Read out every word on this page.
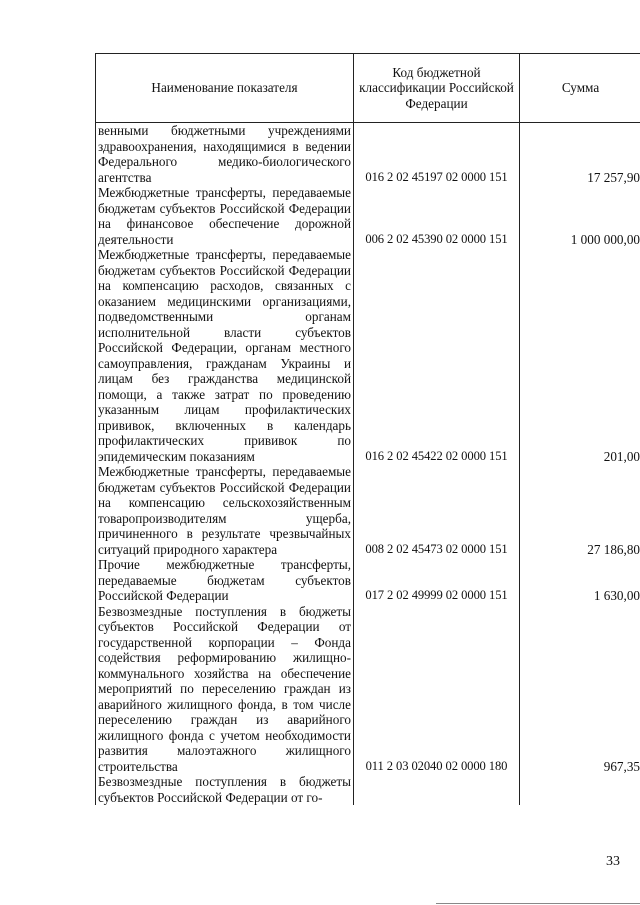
Наименование показателя	Код бюджетной классификации Российской Федерации	Сумма

венными бюджетными учреждениями здравоохранения, находящимися в ведении Федерального медико-биологического агентства	016 2 02 45197 02 0000 151	17 257,90

Межбюджетные трансферты, передаваемые бюджетам субъектов Российской Федерации на финансовое обеспечение дорожной деятельности	006 2 02 45390 02 0000 151	1 000 000,00

Межбюджетные трансферты, передаваемые бюджетам субъектов Российской Федерации на компенсацию расходов, связанных с оказанием медицинскими организациями, подведомственными органам исполнительной власти субъектов Российской Федерации, органам местного самоуправления, гражданам Украины и лицам без гражданства медицинской помощи, а также затрат по проведению указанным лицам профилактических прививок, включенных в календарь профилактических прививок по эпидемическим показаниям	016 2 02 45422 02 0000 151	201,00

Межбюджетные трансферты, передаваемые бюджетам субъектов Российской Федерации на компенсацию сельскохозяйственным товаропроизводителям ущерба, причиненного в результате чрезвычайных ситуаций природного характера	008 2 02 45473 02 0000 151	27 186,80

Прочие межбюджетные трансферты, передаваемые бюджетам субъектов Российской Федерации	017 2 02 49999 02 0000 151	1 630,00

Безвозмездные поступления в бюджеты субъектов Российской Федерации от государственной корпорации – Фонда содействия реформированию жилищно-коммунального хозяйства на обеспечение мероприятий по переселению граждан из аварийного жилищного фонда, в том числе переселению граждан из аварийного жилищного фонда с учетом необходимости развития малоэтажного жилищного строительства	011 2 03 02040 02 0000 180	967,35

Безвозмездные поступления в бюджеты субъектов Российской Федерации от го-		

33
